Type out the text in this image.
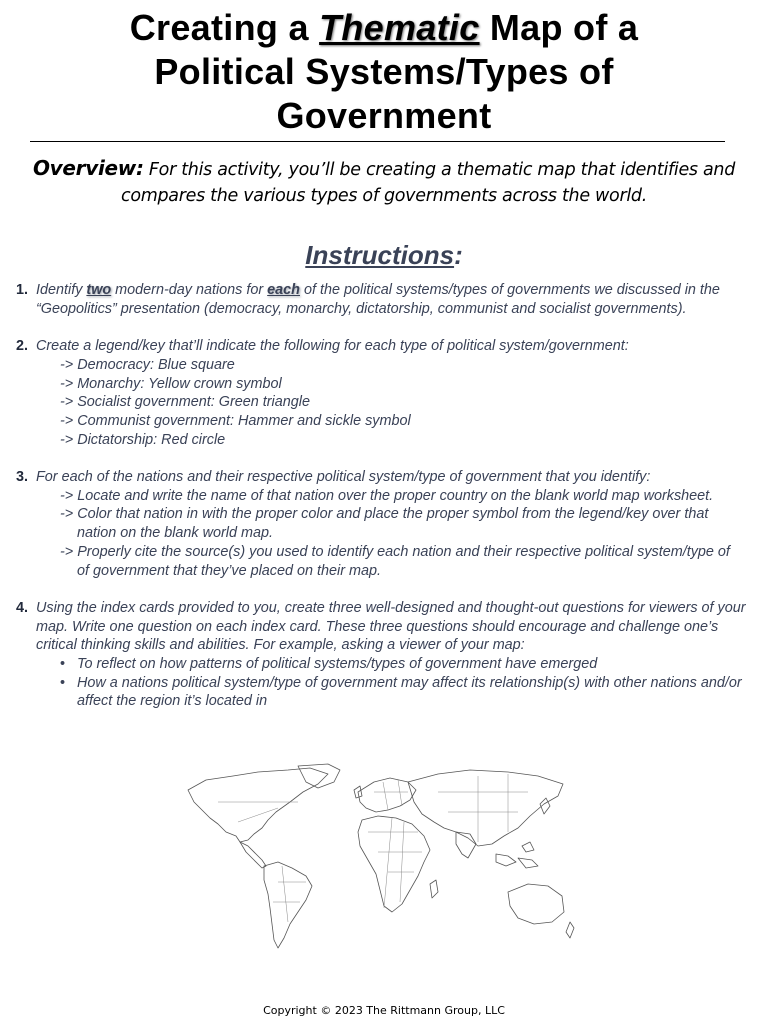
Creating a Thematic Map of a
Political Systems/Types of
Government
Overview: For this activity, you’ll be creating a thematic map that identifies and compares the various types of governments across the world.
Instructions:
1. Identify two modern-day nations for each of the political systems/types of governments we discussed in the “Geopolitics” presentation (democracy, monarchy, dictatorship, communist and socialist governments).

2. Create a legend/key that’ll indicate the following for each type of political system/government:

-> Democracy: Blue square
-> Monarchy: Yellow crown symbol
-> Socialist government: Green triangle
-> Communist government: Hammer and sickle symbol
-> Dictatorship: Red circle
3. For each of the nations and their respective political system/type of government that you identify:

-> Locate and write the name of that nation over the proper country on the blank world map worksheet.
-> Color that nation in with the proper color and place the proper symbol from the legend/key over that
nation on the blank world map.
-> Properly cite the source(s) you used to identify each nation and their respective political system/type of
of government that they’ve placed on their map.
4. Using the index cards provided to you, create three well-designed and thought-out questions for viewers of your map. Write one question on each index card. These three questions should encourage and challenge one’s critical thinking skills and abilities. For example, asking a viewer of your map:

• To reflect on how patterns of political systems/types of government have emerged
• How a nations political system/type of government may affect its relationship(s) with other nations and/or affect the region it’s located in
Copyright © 2023 The Rittmann Group, LLC
